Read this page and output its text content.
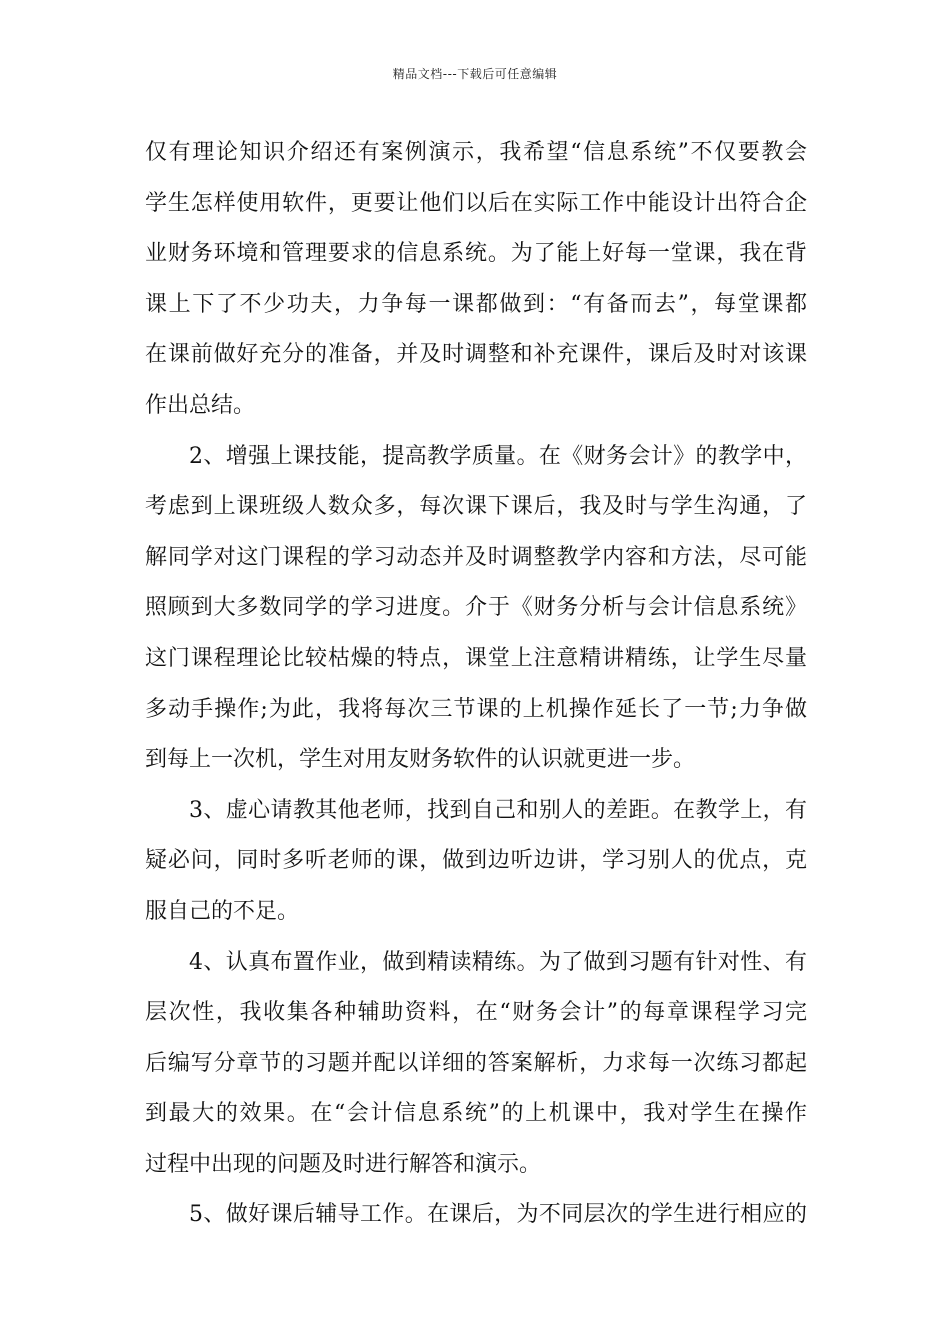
精品文档---下载后可任意编辑
仅有理论知识介绍还有案例演示，我希望“信息系统”不仅要教会
学生怎样使用软件，更要让他们以后在实际工作中能设计出符合企
业财务环境和管理要求的信息系统。为了能上好每一堂课，我在背
课上下了不少功夫，力争每一课都做到：“有备而去”，每堂课都
在课前做好充分的准备，并及时调整和补充课件，课后及时对该课
作出总结。
2、增强上课技能，提高教学质量。在《财务会计》的教学中，
考虑到上课班级人数众多，每次课下课后，我及时与学生沟通，了
解同学对这门课程的学习动态并及时调整教学内容和方法，尽可能
照顾到大多数同学的学习进度。介于《财务分析与会计信息系统》
这门课程理论比较枯燥的特点，课堂上注意精讲精练，让学生尽量
多动手操作;为此，我将每次三节课的上机操作延长了一节;力争做
到每上一次机，学生对用友财务软件的认识就更进一步。
3、虚心请教其他老师，找到自己和别人的差距。在教学上，有
疑必问，同时多听老师的课，做到边听边讲，学习别人的优点，克
服自己的不足。
4、认真布置作业，做到精读精练。为了做到习题有针对性、有
层次性，我收集各种辅助资料，在“财务会计”的每章课程学习完
后编写分章节的习题并配以详细的答案解析，力求每一次练习都起
到最大的效果。在“会计信息系统”的上机课中，我对学生在操作
过程中出现的问题及时进行解答和演示。
5、做好课后辅导工作。在课后，为不同层次的学生进行相应的
